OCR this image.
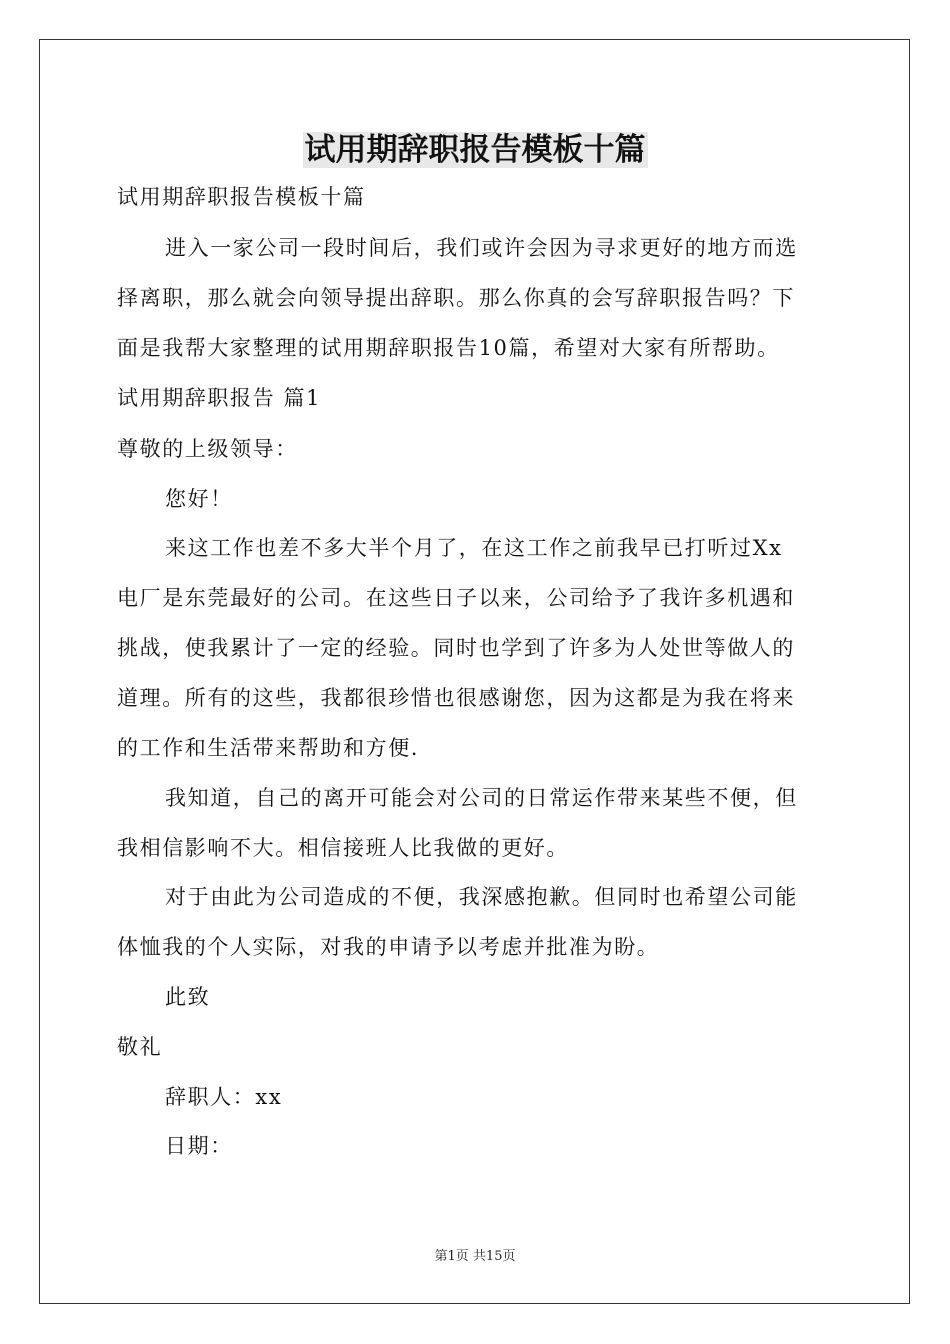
试用期辞职报告模板十篇
试用期辞职报告模板十篇
进入一家公司一段时间后，我们或许会因为寻求更好的地方而选
择离职，那么就会向领导提出辞职。那么你真的会写辞职报告吗？下
面是我帮大家整理的试用期辞职报告10篇，希望对大家有所帮助。
试用期辞职报告 篇1
尊敬的上级领导：
您好！
来这工作也差不多大半个月了，在这工作之前我早已打听过Xx
电厂是东莞最好的公司。在这些日子以来，公司给予了我许多机遇和
挑战，使我累计了一定的经验。同时也学到了许多为人处世等做人的
道理。所有的这些，我都很珍惜也很感谢您，因为这都是为我在将来
的工作和生活带来帮助和方便.
我知道，自己的离开可能会对公司的日常运作带来某些不便，但
我相信影响不大。相信接班人比我做的更好。
对于由此为公司造成的不便，我深感抱歉。但同时也希望公司能
体恤我的个人实际，对我的申请予以考虑并批准为盼。
此致
敬礼
辞职人：xx
日期：
第1页 共15页
